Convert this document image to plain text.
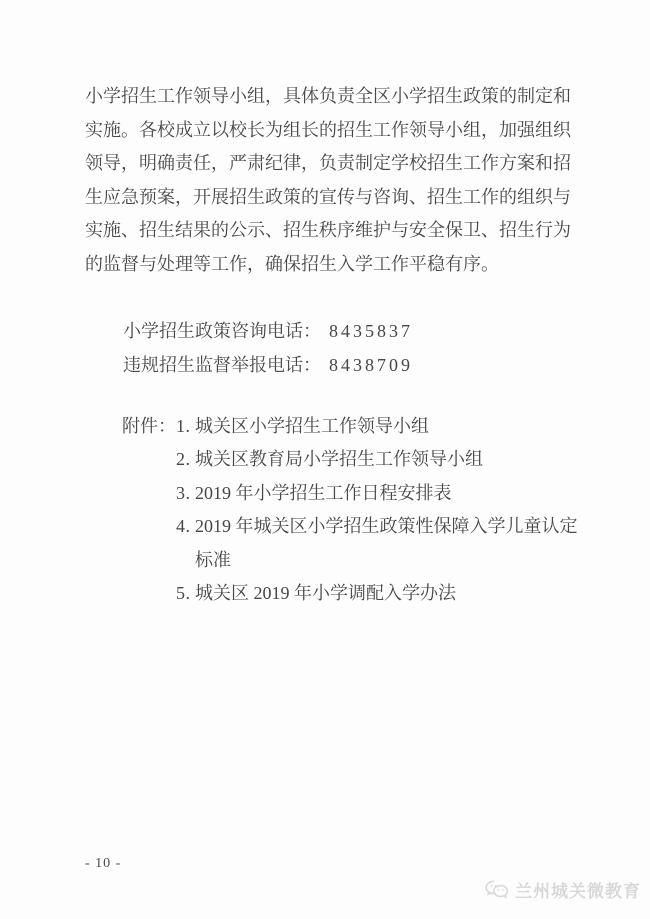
小学招生工作领导小组，具体负责全区小学招生政策的制定和
实施。各校成立以校长为组长的招生工作领导小组，加强组织
领导，明确责任，严肃纪律，负责制定学校招生工作方案和招
生应急预案，开展招生政策的宣传与咨询、招生工作的组织与
实施、招生结果的公示、招生秩序维护与安全保卫、招生行为
的监督与处理等工作，确保招生入学工作平稳有序。
小学招生政策咨询电话： 8435837
违规招生监督举报电话： 8438709
附件： 1. 城关区小学招生工作领导小组
2. 城关区教育局小学招生工作领导小组
3. 2019 年小学招生工作日程安排表
4. 2019 年城关区小学招生政策性保障入学儿童认定
标准
5. 城关区 2019 年小学调配入学办法
- 10 -
兰州城关微教育
